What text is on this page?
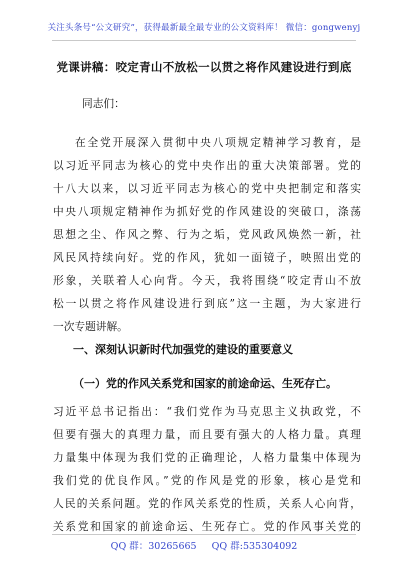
关注头条号“公文研究”，获得最新最全最专业的公文资料库！ 微信：gongwenyj
党课讲稿：咬定青山不放松一以贯之将作风建设进行到底
同志们：
在全党开展深入贯彻中央八项规定精神学习教育，是
以习近平同志为核心的党中央作出的重大决策部署。党的
十八大以来，以习近平同志为核心的党中央把制定和落实
中央八项规定精神作为抓好党的作风建设的突破口，涤荡
思想之尘、作风之弊、行为之垢，党风政风焕然一新，社
风民风持续向好。党的作风，犹如一面镜子，映照出党的
形象，关联着人心向背。今天，我将围绕“咬定青山不放
松一以贯之将作风建设进行到底”这一主题，为大家进行
一次专题讲解。
一、深刻认识新时代加强党的建设的重要意义
（一）党的作风关系党和国家的前途命运、生死存亡。
习近平总书记指出：“我们党作为马克思主义执政党，不
但要有强大的真理力量，而且要有强大的人格力量。真理
力量集中体现为我们党的正确理论，人格力量集中体现为
我们党的优良作风。”党的作风是党的形象，核心是党和
人民的关系问题。党的作风关系党的性质，关系人心向背，
关系党和国家的前途命运、生死存亡。党的作风事关党的
QQ 群：30265665 QQ 群:535304092
